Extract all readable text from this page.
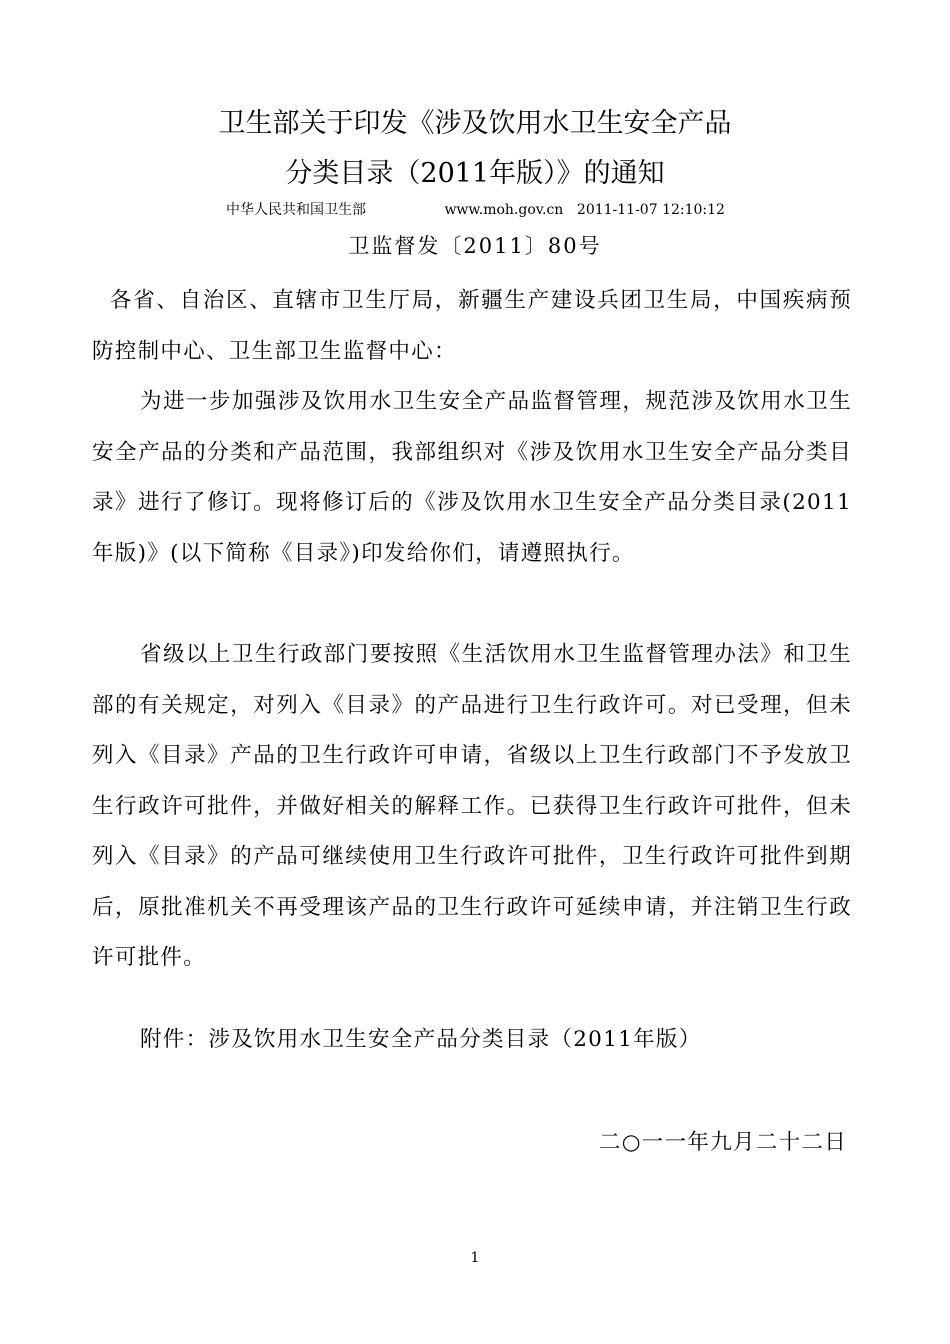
卫生部关于印发《涉及饮用水卫生安全产品
分类目录（2011年版）》的通知
中华人民共和国卫生部	www.moh.gov.cn 2011-11-07 12:10:12
卫监督发〔2011〕80号
各省、自治区、直辖市卫生厅局，新疆生产建设兵团卫生局，中国疾病预防控制中心、卫生部卫生监督中心：
为进一步加强涉及饮用水卫生安全产品监督管理，规范涉及饮用水卫生安全产品的分类和产品范围，我部组织对《涉及饮用水卫生安全产品分类目录》进行了修订。现将修订后的《涉及饮用水卫生安全产品分类目录(2011年版)》(以下简称《目录》)印发给你们，请遵照执行。
省级以上卫生行政部门要按照《生活饮用水卫生监督管理办法》和卫生部的有关规定，对列入《目录》的产品进行卫生行政许可。对已受理，但未列入《目录》产品的卫生行政许可申请，省级以上卫生行政部门不予发放卫生行政许可批件，并做好相关的解释工作。已获得卫生行政许可批件，但未列入《目录》的产品可继续使用卫生行政许可批件，卫生行政许可批件到期后，原批准机关不再受理该产品的卫生行政许可延续申请，并注销卫生行政许可批件。
附件：涉及饮用水卫生安全产品分类目录（2011年版）
二○一一年九月二十二日
1
